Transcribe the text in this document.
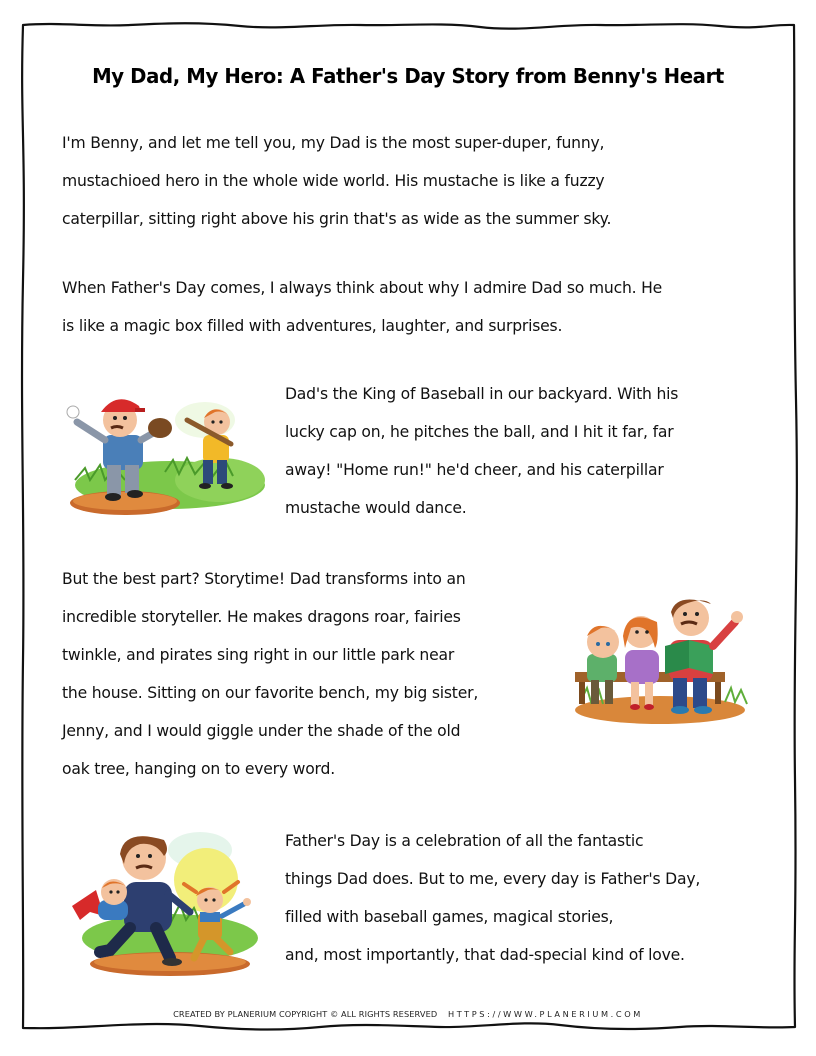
My Dad, My Hero: A Father's Day Story from Benny's Heart
I'm Benny, and let me tell you, my Dad is the most super-duper, funny,
mustachioed hero in the whole wide world. His mustache is like a fuzzy
caterpillar, sitting right above his grin that's as wide as the summer sky.
When Father's Day comes, I always think about why I admire Dad so much. He
is like a magic box filled with adventures, laughter, and surprises.
Dad's the King of Baseball in our backyard. With his
lucky cap on, he pitches the ball, and I hit it far, far
away! "Home run!" he'd cheer, and his caterpillar
mustache would dance.
But the best part? Storytime! Dad transforms into an
incredible storyteller. He makes dragons roar, fairies
twinkle, and pirates sing right in our little park near
the house. Sitting on our favorite bench, my big sister,
Jenny, and I would giggle under the shade of the old
oak tree, hanging on to every word.
Father's Day is a celebration of all the fantastic
things Dad does. But to me, every day is Father's Day,
filled with baseball games, magical stories,
and, most importantly, that dad-special kind of love.
CREATED BY PLANERIUM COPYRIGHT © ALL RIGHTS RESERVED HTTPS://WWW.PLANERIUM.COM
